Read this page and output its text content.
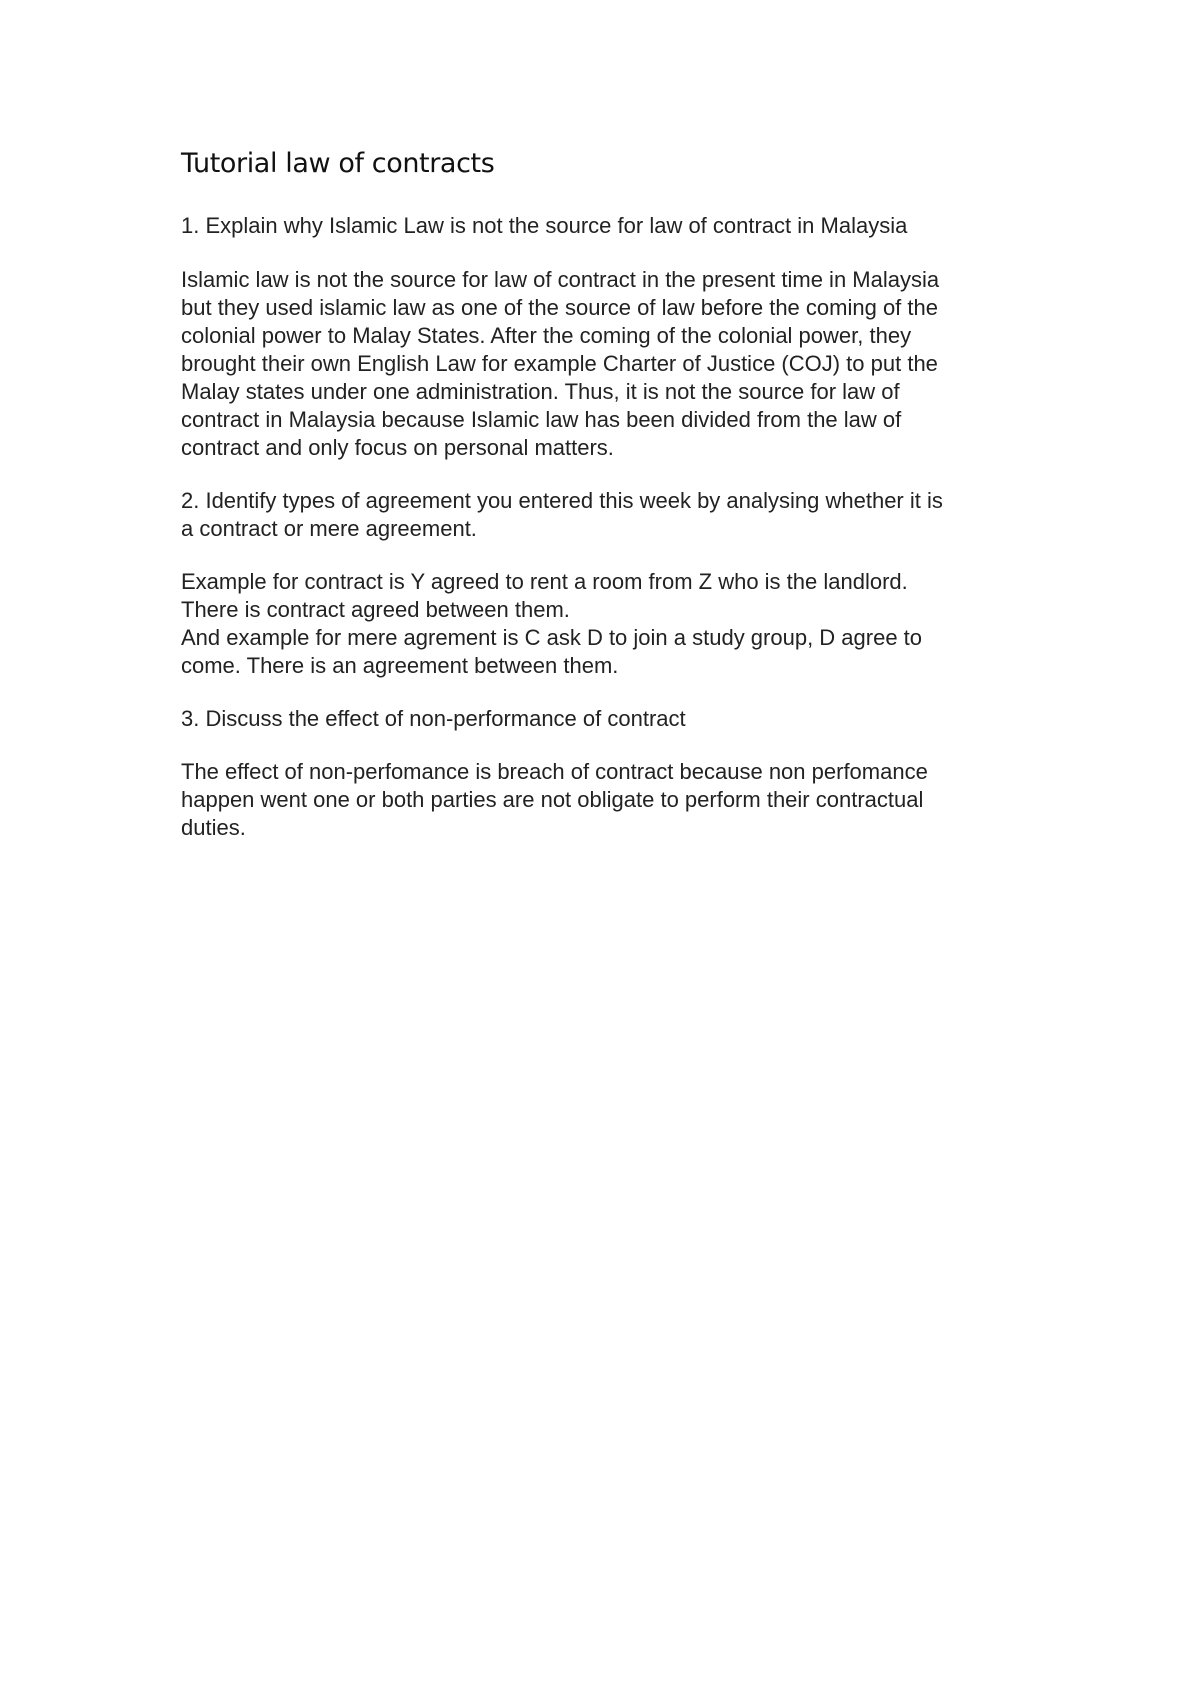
Tutorial law of contracts

1. Explain why Islamic Law is not the source for law of contract in Malaysia

Islamic law is not the source for law of contract in the present time in Malaysia
but they used islamic law as one of the source of law before the coming of the
colonial power to Malay States. After the coming of the colonial power, they
brought their own English Law for example Charter of Justice (COJ) to put the
Malay states under one administration. Thus, it is not the source for law of
contract in Malaysia because Islamic law has been divided from the law of
contract and only focus on personal matters.

2. Identify types of agreement you entered this week by analysing whether it is
a contract or mere agreement.

Example for contract is Y agreed to rent a room from Z who is the landlord.
There is contract agreed between them.
And example for mere agrement is C ask D to join a study group, D agree to
come. There is an agreement between them.

3. Discuss the effect of non-performance of contract

The effect of non-perfomance is breach of contract because non perfomance
happen went one or both parties are not obligate to perform their contractual
duties.
